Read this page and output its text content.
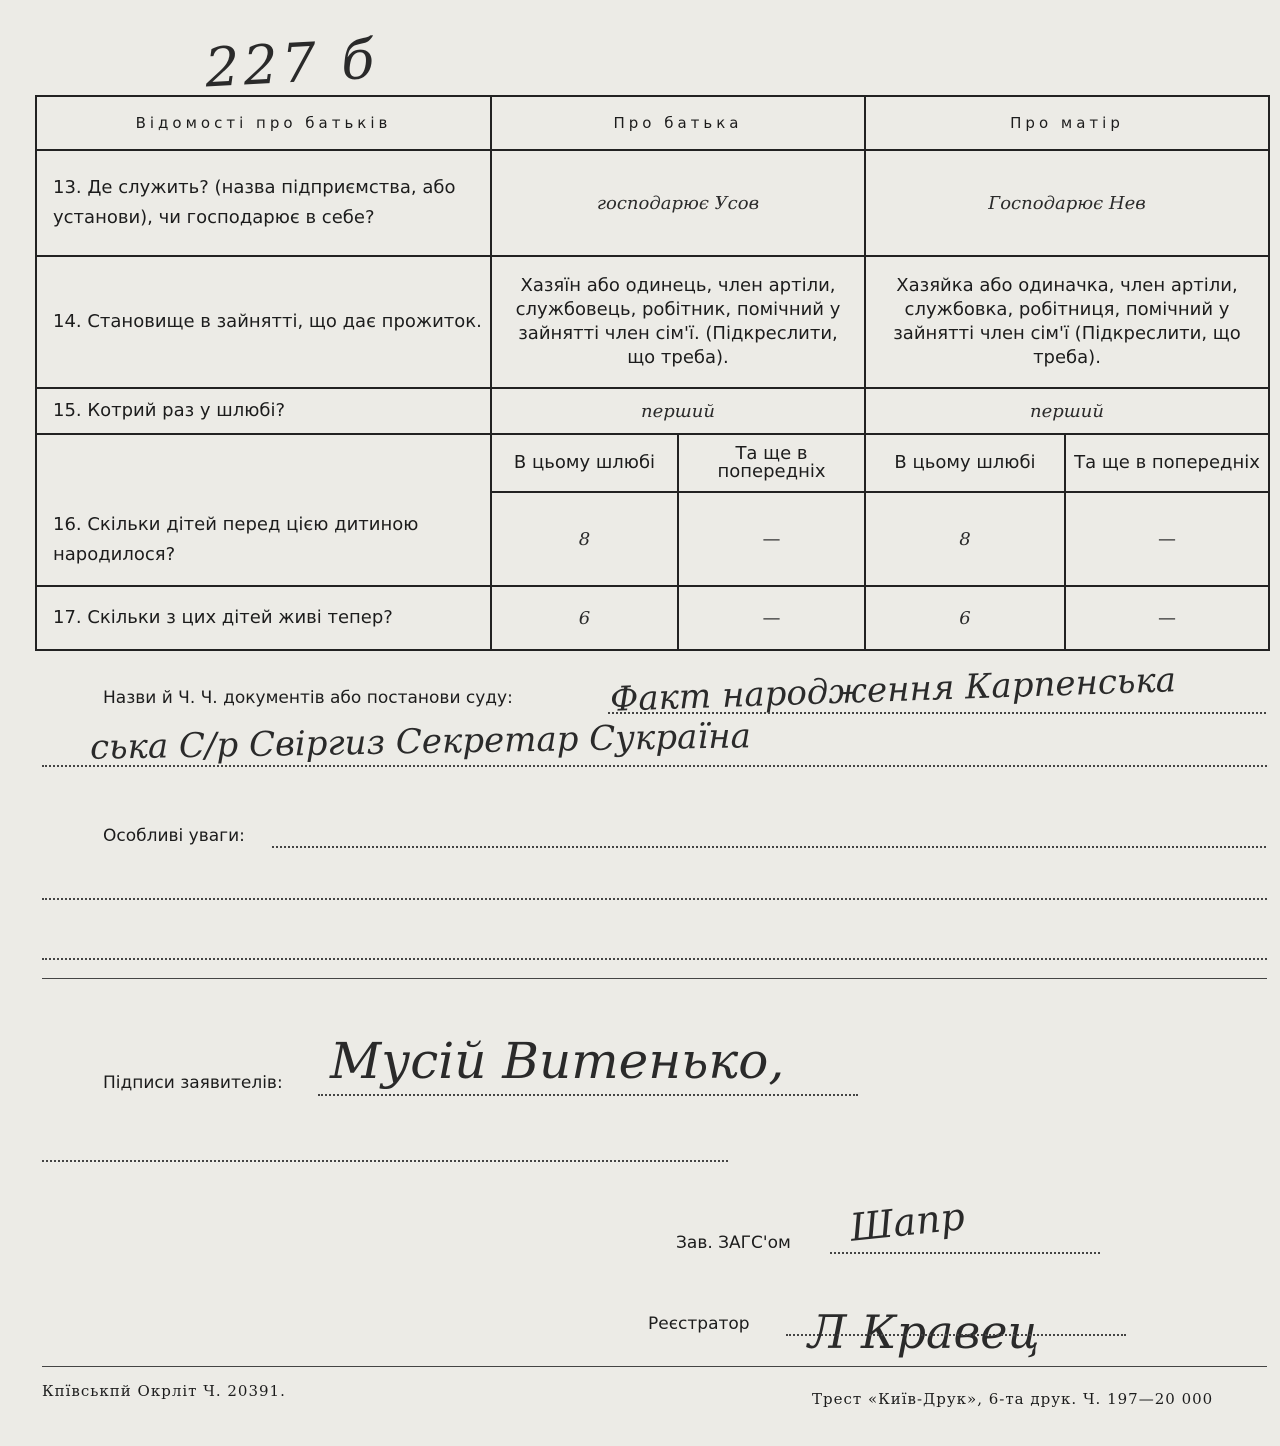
227 б
Відомості про батьків	Про батька		Про матір	
13. Де служить? (назва підприємства, або установи), чи господарює в себе?	господарює Усов		Господарює Нев	
14. Становище в зайнятті, що дає прожиток.	Хазяїн або одинець, член артіли, службовець, робітник, помічний у зайнятті член сім'ї. (Підкреслити, що треба).		Хазяйка або одиначка, член артіли, службовка, робітниця, помічний у зайнятті член сім'ї (Підкреслити, що треба).	
15. Котрий раз у шлюбі?	перший		перший	
16. Скільки дітей перед цією дитиною народилося?	В цьому шлюбі	Та ще в попередніх	В цьому шлюбі	Та ще в попередніх
	8	—	8	—
17. Скільки з цих дітей живі тепер?	6	—	6	—
Назви й Ч. Ч. документів або постанови суду:	Факт народження Карпенська
ська С/р Свіргиз Секретар Сукраїна
Особливі уваги:
Підписи заявителів: Мусій Витенько,
Зав. ЗАГС'ом Шапр
Реєстратор Л Кравец
Кпївськпй Окрліт Ч. 20391.	Трест «Київ-Друк», 6-та друк. Ч. 197—20 000
